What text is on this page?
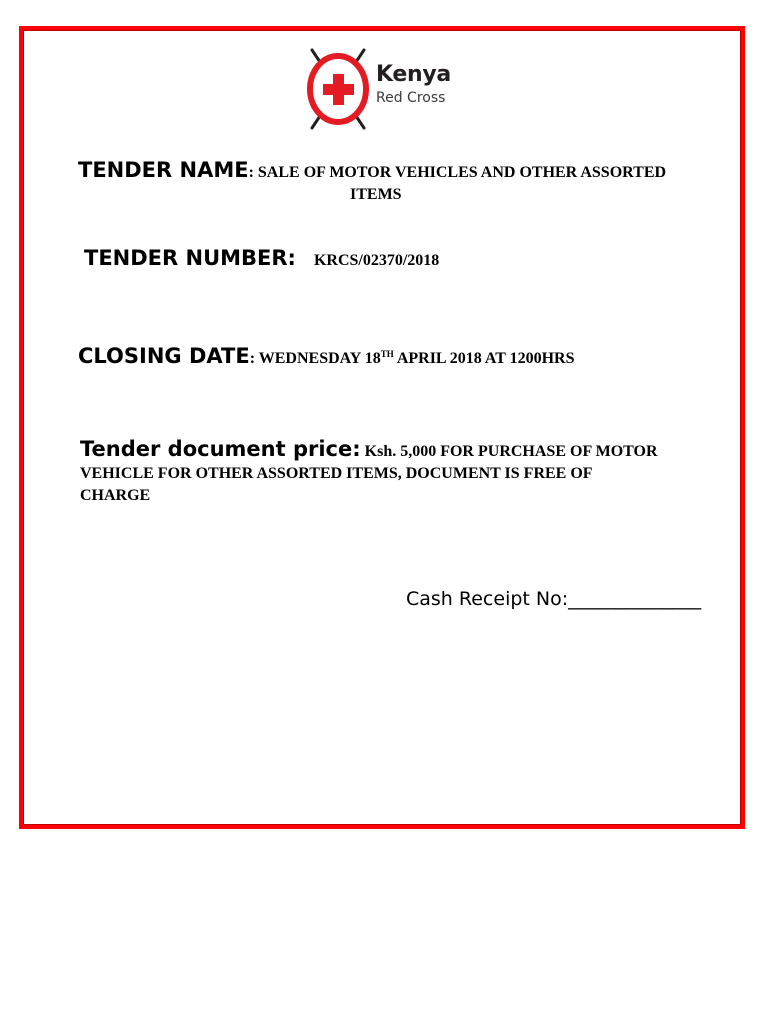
Kenya
Red Cross
TENDER NAME: SALE OF MOTOR VEHICLES AND OTHER ASSORTED
ITEMS
TENDER NUMBER: KRCS/02370/2018
CLOSING DATE: WEDNESDAY 18TH APRIL 2018 AT 1200HRS
Tender document price: Ksh. 5,000 FOR PURCHASE OF MOTOR
VEHICLE FOR OTHER ASSORTED ITEMS, DOCUMENT IS FREE OF
CHARGE
Cash Receipt No:______________
